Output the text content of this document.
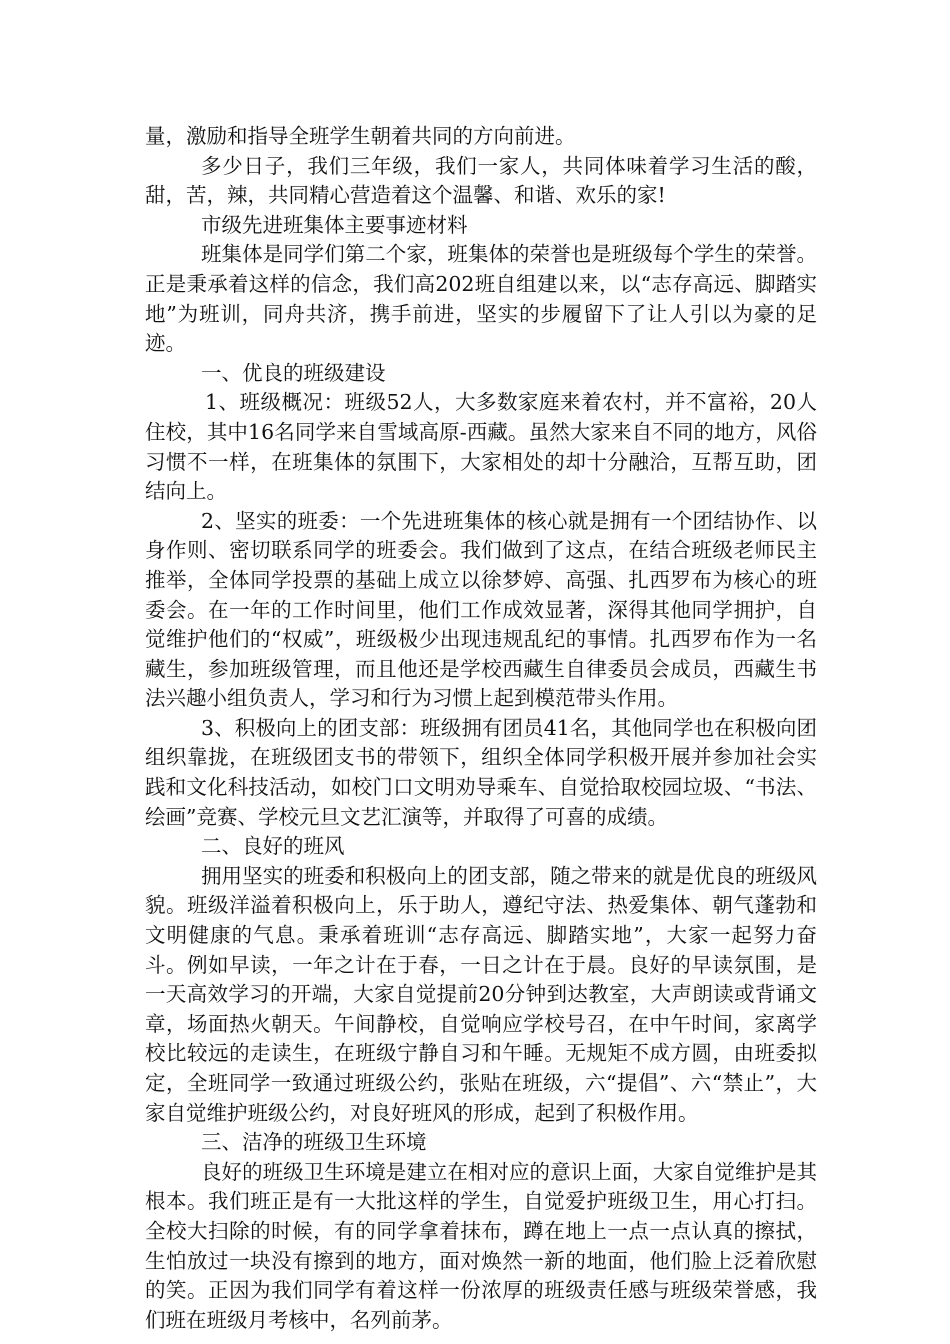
量，激励和指导全班学生朝着共同的方向前进。

多少日子，我们三年级，我们一家人，共同体味着学习生活的酸，甜，苦，辣，共同精心营造着这个温馨、和谐、欢乐的家!

市级先进班集体主要事迹材料

班集体是同学们第二个家，班集体的荣誉也是班级每个学生的荣誉。正是秉承着这样的信念，我们高202班自组建以来，以“志存高远、脚踏实地”为班训，同舟共济，携手前进，坚实的步履留下了让人引以为豪的足迹。

一、优良的班级建设

1、班级概况：班级52人，大多数家庭来着农村，并不富裕，20人住校，其中16名同学来自雪域高原-西藏。虽然大家来自不同的地方，风俗习惯不一样，在班集体的氛围下，大家相处的却十分融洽，互帮互助，团结向上。

2、坚实的班委：一个先进班集体的核心就是拥有一个团结协作、以身作则、密切联系同学的班委会。我们做到了这点，在结合班级老师民主推举，全体同学投票的基础上成立以徐梦婷、高强、扎西罗布为核心的班委会。在一年的工作时间里，他们工作成效显著，深得其他同学拥护，自觉维护他们的“权威”，班级极少出现违规乱纪的事情。扎西罗布作为一名藏生，参加班级管理，而且他还是学校西藏生自律委员会成员，西藏生书法兴趣小组负责人，学习和行为习惯上起到模范带头作用。

3、积极向上的团支部：班级拥有团员41名，其他同学也在积极向团组织靠拢，在班级团支书的带领下，组织全体同学积极开展并参加社会实践和文化科技活动，如校门口文明劝导乘车、自觉拾取校园垃圾、“书法、绘画”竞赛、学校元旦文艺汇演等，并取得了可喜的成绩。

二、良好的班风

拥用坚实的班委和积极向上的团支部，随之带来的就是优良的班级风貌。班级洋溢着积极向上，乐于助人，遵纪守法、热爱集体、朝气蓬勃和文明健康的气息。秉承着班训“志存高远、脚踏实地”，大家一起努力奋斗。例如早读，一年之计在于春，一日之计在于晨。良好的早读氛围，是一天高效学习的开端，大家自觉提前20分钟到达教室，大声朗读或背诵文章，场面热火朝天。午间静校，自觉响应学校号召，在中午时间，家离学校比较远的走读生，在班级宁静自习和午睡。无规矩不成方圆，由班委拟定，全班同学一致通过班级公约，张贴在班级，六“提倡”、六“禁止”，大家自觉维护班级公约，对良好班风的形成，起到了积极作用。

三、洁净的班级卫生环境

良好的班级卫生环境是建立在相对应的意识上面，大家自觉维护是其根本。我们班正是有一大批这样的学生，自觉爱护班级卫生，用心打扫。全校大扫除的时候，有的同学拿着抹布，蹲在地上一点一点认真的擦拭，生怕放过一块没有擦到的地方，面对焕然一新的地面，他们脸上泛着欣慰的笑。正因为我们同学有着这样一份浓厚的班级责任感与班级荣誉感，我们班在班级月考核中，名列前茅。
